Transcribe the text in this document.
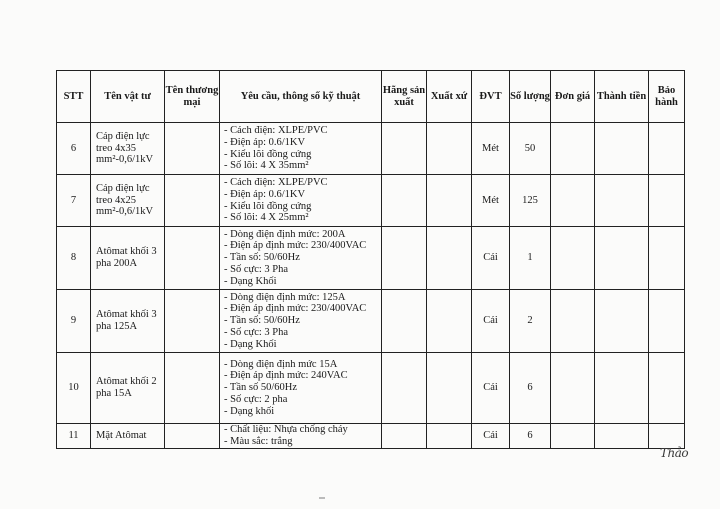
STT	Tên vật tư	Tên thương mại	Yêu cầu, thông số kỹ thuật	Hãng sản xuất	Xuất xứ	ĐVT	Số lượng	Đơn giá	Thành tiền	Bảo hành
6	Cáp điện lực treo 4x35 mm²-0,6/1kV		- Cách điện: XLPE/PVC
- Điện áp: 0.6/1KV
- Kiểu lõi đồng cứng
- Số lõi: 4 X 35mm²			Mét	50			
7	Cáp điện lực treo 4x25 mm²-0,6/1kV		- Cách điện: XLPE/PVC
- Điện áp: 0.6/1KV
- Kiểu lõi đồng cứng
- Số lõi: 4 X 25mm²			Mét	125			
8	Atômat khối 3 pha 200A		- Dòng điện định mức: 200A
- Điện áp định mức: 230/400VAC
- Tần số: 50/60Hz
- Số cực: 3 Pha
- Dạng Khối			Cái	1			
9	Atômat khối 3 pha 125A		- Dòng điện định mức: 125A
- Điện áp định mức: 230/400VAC
- Tần số: 50/60Hz
- Số cực: 3 Pha
- Dạng Khối			Cái	2			
10	Atômat khối 2 pha 15A		- Dòng điện định mức 15A
- Điện áp định mức: 240VAC
- Tần số 50/60Hz
- Số cực: 2 pha
- Dạng khối			Cái	6			
11	Mặt Atômat		- Chất liệu: Nhựa chống cháy
- Màu sắc: trắng			Cái	6			
Thảo
